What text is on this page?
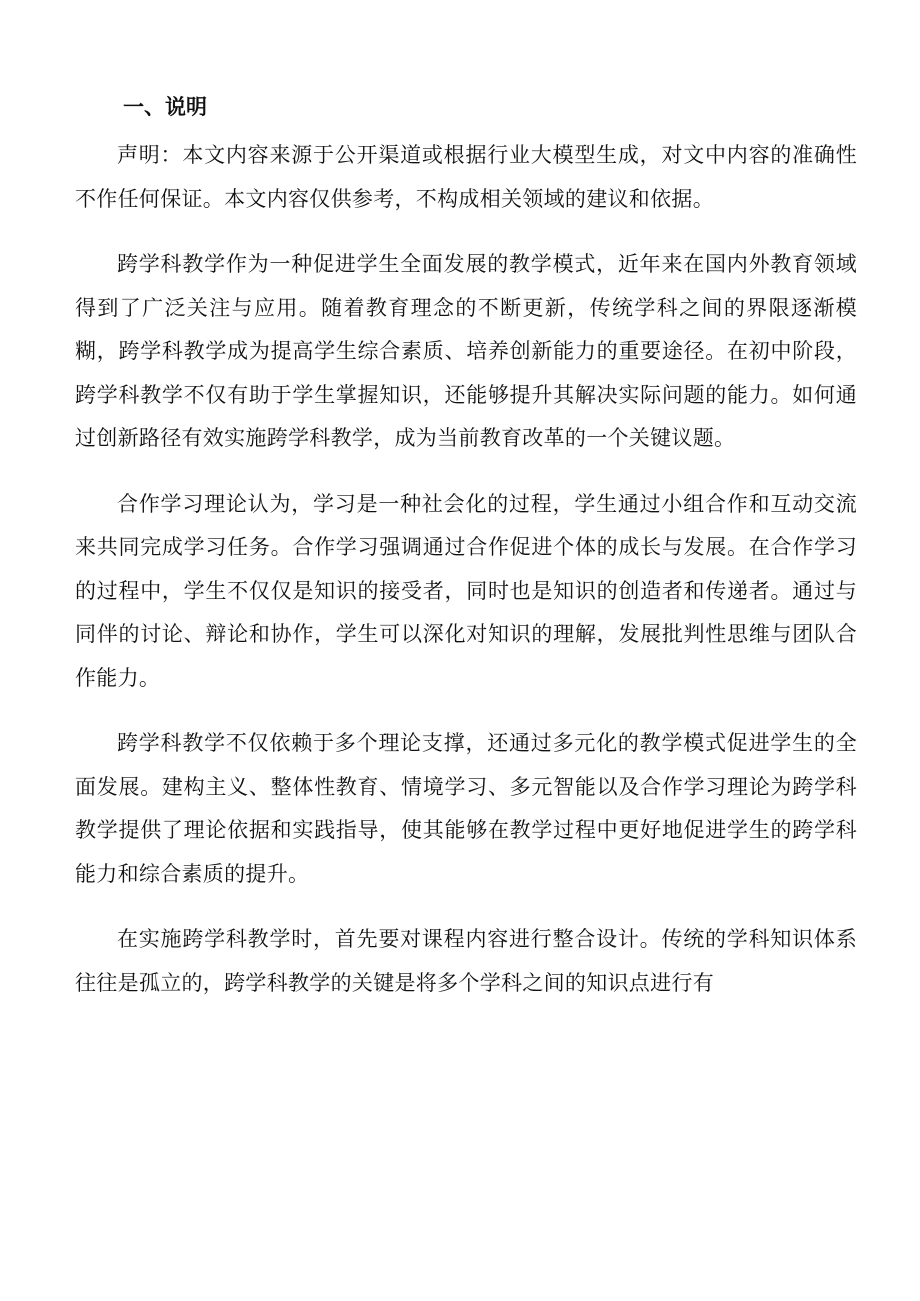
一、说明

声明：本文内容来源于公开渠道或根据行业大模型生成，对文中内容的准确性不作任何保证。本文内容仅供参考，不构成相关领域的建议和依据。

跨学科教学作为一种促进学生全面发展的教学模式，近年来在国内外教育领域得到了广泛关注与应用。随着教育理念的不断更新，传统学科之间的界限逐渐模糊，跨学科教学成为提高学生综合素质、培养创新能力的重要途径。在初中阶段，跨学科教学不仅有助于学生掌握知识，还能够提升其解决实际问题的能力。如何通过创新路径有效实施跨学科教学，成为当前教育改革的一个关键议题。

合作学习理论认为，学习是一种社会化的过程，学生通过小组合作和互动交流来共同完成学习任务。合作学习强调通过合作促进个体的成长与发展。在合作学习的过程中，学生不仅仅是知识的接受者，同时也是知识的创造者和传递者。通过与同伴的讨论、辩论和协作，学生可以深化对知识的理解，发展批判性思维与团队合作能力。

跨学科教学不仅依赖于多个理论支撑，还通过多元化的教学模式促进学生的全面发展。建构主义、整体性教育、情境学习、多元智能以及合作学习理论为跨学科教学提供了理论依据和实践指导，使其能够在教学过程中更好地促进学生的跨学科能力和综合素质的提升。

在实施跨学科教学时，首先要对课程内容进行整合设计。传统的学科知识体系往往是孤立的，跨学科教学的关键是将多个学科之间的知识点进行有
